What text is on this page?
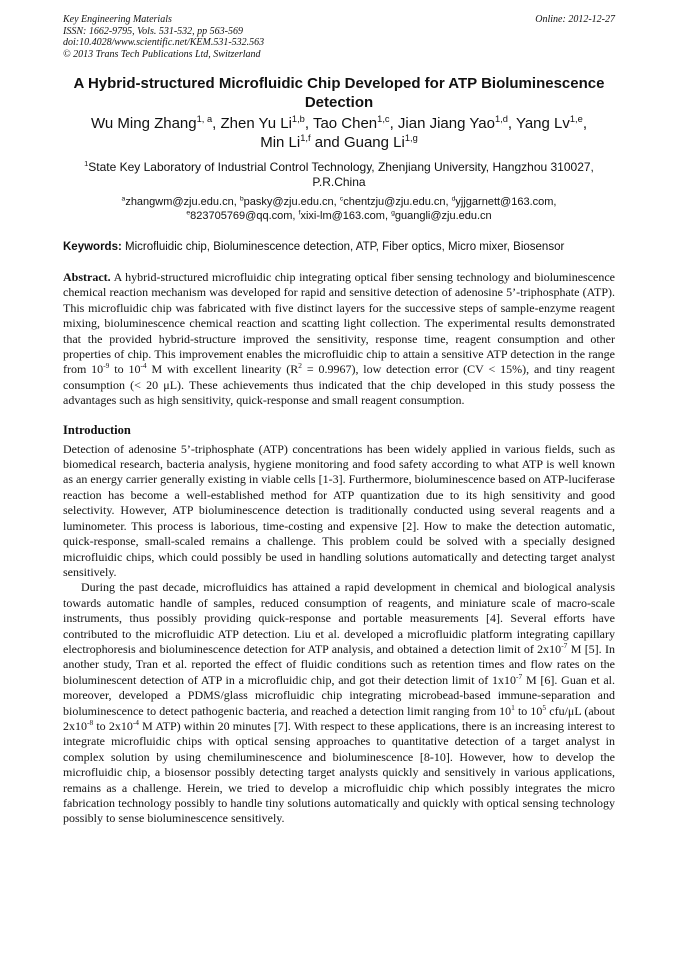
Key Engineering Materials
ISSN: 1662-9795, Vols. 531-532, pp 563-569
doi:10.4028/www.scientific.net/KEM.531-532.563
© 2013 Trans Tech Publications Ltd, Switzerland
Online: 2012-12-27
A Hybrid-structured Microfluidic Chip Developed for ATP Bioluminescence Detection
Wu Ming Zhang$^{1, a}$, Zhen Yu Li$^{1,b}$, Tao Chen$^{1,c}$, Jian Jiang Yao$^{1,d}$, Yang Lv$^{1,e}$,
Min Li$^{1,f}$ and Guang Li$^{1,g}$
$^1$State Key Laboratory of Industrial Control Technology, Zhenjiang University, Hangzhou 310027, P.R.China
$^a$zhangwm@zju.edu.cn, $^b$pasky@zju.edu.cn, $^c$chentzju@zju.edu.cn, $^d$yjjgarnett@163.com,
$^e$823705769@qq.com, $^f$xixi-lm@163.com, $^g$guangli@zju.edu.cn
Keywords: Microfluidic chip, Bioluminescence detection, ATP, Fiber optics, Micro mixer, Biosensor

Abstract. A hybrid-structured microfluidic chip integrating optical fiber sensing technology and bioluminescence chemical reaction mechanism was developed for rapid and sensitive detection of adenosine 5’-triphosphate (ATP). This microfluidic chip was fabricated with five distinct layers for the successive steps of sample-enzyme reagent mixing, bioluminescence chemical reaction and scatting light collection. The experimental results demonstrated that the provided hybrid-structure improved the sensitivity, response time, reagent consumption and other properties of chip. This improvement enables the microfluidic chip to attain a sensitive ATP detection in the range from $10^{-9}$ to $10^{-4}$ M with excellent linearity $(R^2 = 0.9967)$, low detection error (CV < 15%), and tiny reagent consumption (< 20 μL). These achievements thus indicated that the chip developed in this study possess the advantages such as high sensitivity, quick-response and small reagent consumption.

Introduction

Detection of adenosine 5’-triphosphate (ATP) concentrations has been widely applied in various fields, such as biomedical research, bacteria analysis, hygiene monitoring and food safety according to what ATP is well known as an energy carrier generally existing in viable cells [1-3]. Furthermore, bioluminescence based on ATP-luciferase reaction has become a well-established method for ATP quantization due to its high sensitivity and good selectivity. However, ATP bioluminescence detection is traditionally conducted using several reagents and a luminometer. This process is laborious, time-costing and expensive [2]. How to make the detection automatic, quick-response, small-scaled remains a challenge. This problem could be solved with a specially designed microfluidic chips, which could possibly be used in handling solutions automatically and detecting target analyst sensitively.

During the past decade, microfluidics has attained a rapid development in chemical and biological analysis towards automatic handle of samples, reduced consumption of reagents, and miniature scale of macro-scale instruments, thus possibly providing quick-response and portable measurements [4]. Several efforts have contributed to the microfluidic ATP detection. Liu et al. developed a microfluidic platform integrating capillary electrophoresis and bioluminescence detection for ATP analysis, and obtained a detection limit of $2x10^{-7}$ M [5]. In another study, Tran et al. reported the effect of fluidic conditions such as retention times and flow rates on the bioluminescent detection of ATP in a microfluidic chip, and got their detection limit of $1x10^{-7}$ M [6]. Guan et al. moreover, developed a PDMS/glass microfluidic chip integrating microbead-based immune-separation and bioluminescence to detect pathogenic bacteria, and reached a detection limit ranging from $10^1$ to $10^5$ cfu/μL (about $2x10^{-8}$ to $2x10^{-4}$ M ATP) within 20 minutes [7]. With respect to these applications, there is an increasing interest to integrate microfluidic chips with optical sensing approaches to quantitative detection of a target analyst in complex solution by using chemiluminescence and bioluminescence [8-10]. However, how to develop the microfluidic chip, a biosensor possibly detecting target analysts quickly and sensitively in various applications, remains as a challenge. Herein, we tried to develop a microfluidic chip which possibly integrates the micro fabrication technology possibly to handle tiny solutions automatically and quickly with optical sensing technology possibly to sense bioluminescence sensitively.
